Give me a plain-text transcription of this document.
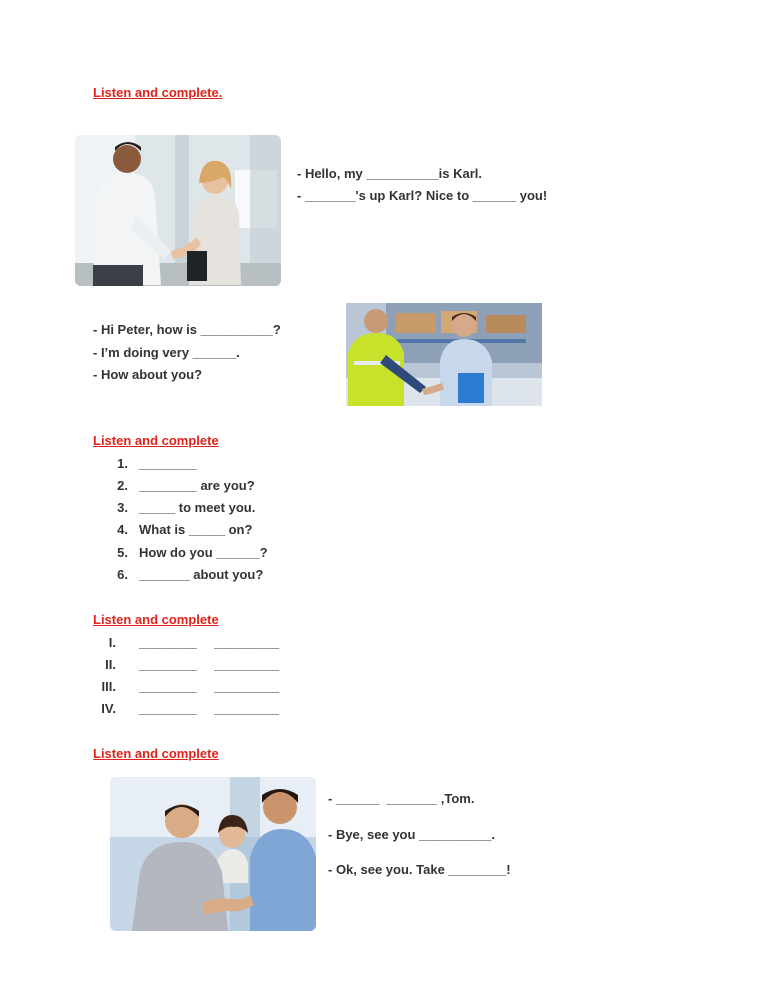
Listen and complete.
- Hello, my __________is Karl.
- _______'s up Karl? Nice to ______ you!
- Hi Peter, how is __________?
- I’m doing very ______.
- How about you?
Listen and complete
1. ________
2. ________ are you?
3. _____ to meet you.
4. What is _____ on?
5. How do you ______?
6. _______ about you?
Listen and complete
I. ________ _________
II. ________ _________
III. ________ _________
IV. ________ _________
Listen and complete
- ______  _______ ,Tom.
- Bye, see you __________.
- Ok, see you. Take ________!
